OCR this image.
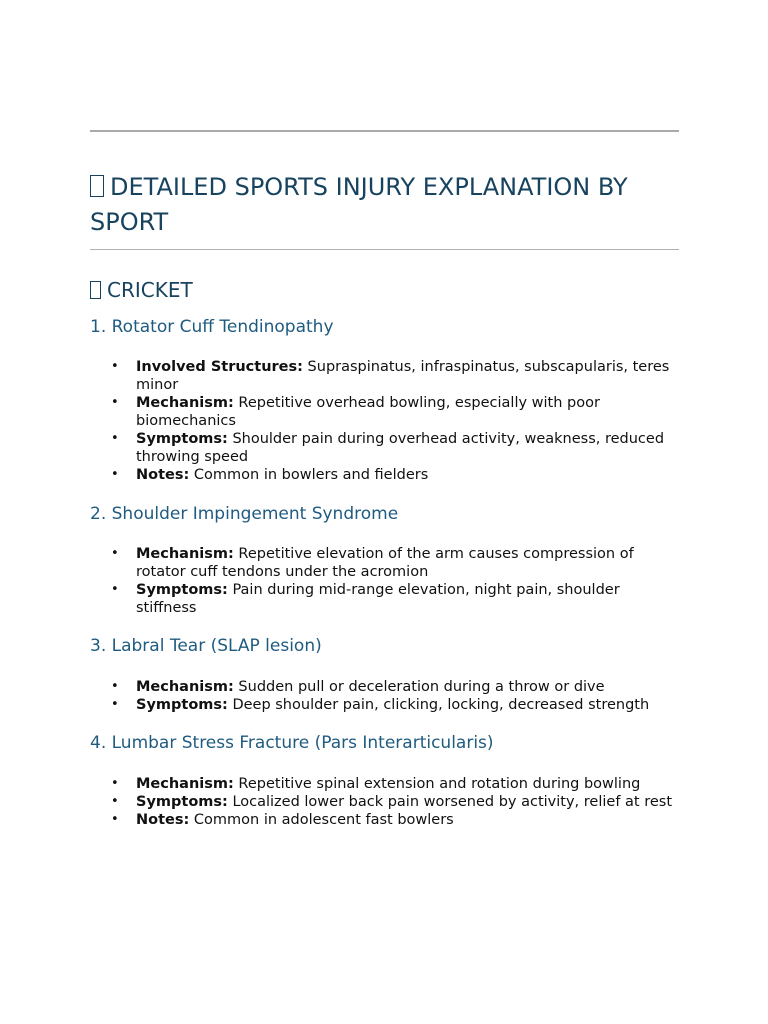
DETAILED SPORTS INJURY EXPLANATION BY SPORT
CRICKET
1. Rotator Cuff Tendinopathy
• Involved Structures: Supraspinatus, infraspinatus, subscapularis, teres minor
• Mechanism: Repetitive overhead bowling, especially with poor biomechanics
• Symptoms: Shoulder pain during overhead activity, weakness, reduced throwing speed
• Notes: Common in bowlers and fielders
2. Shoulder Impingement Syndrome
• Mechanism: Repetitive elevation of the arm causes compression of rotator cuff tendons under the acromion
• Symptoms: Pain during mid-range elevation, night pain, shoulder stiffness
3. Labral Tear (SLAP lesion)
• Mechanism: Sudden pull or deceleration during a throw or dive
• Symptoms: Deep shoulder pain, clicking, locking, decreased strength
4. Lumbar Stress Fracture (Pars Interarticularis)
• Mechanism: Repetitive spinal extension and rotation during bowling
• Symptoms: Localized lower back pain worsened by activity, relief at rest
• Notes: Common in adolescent fast bowlers
